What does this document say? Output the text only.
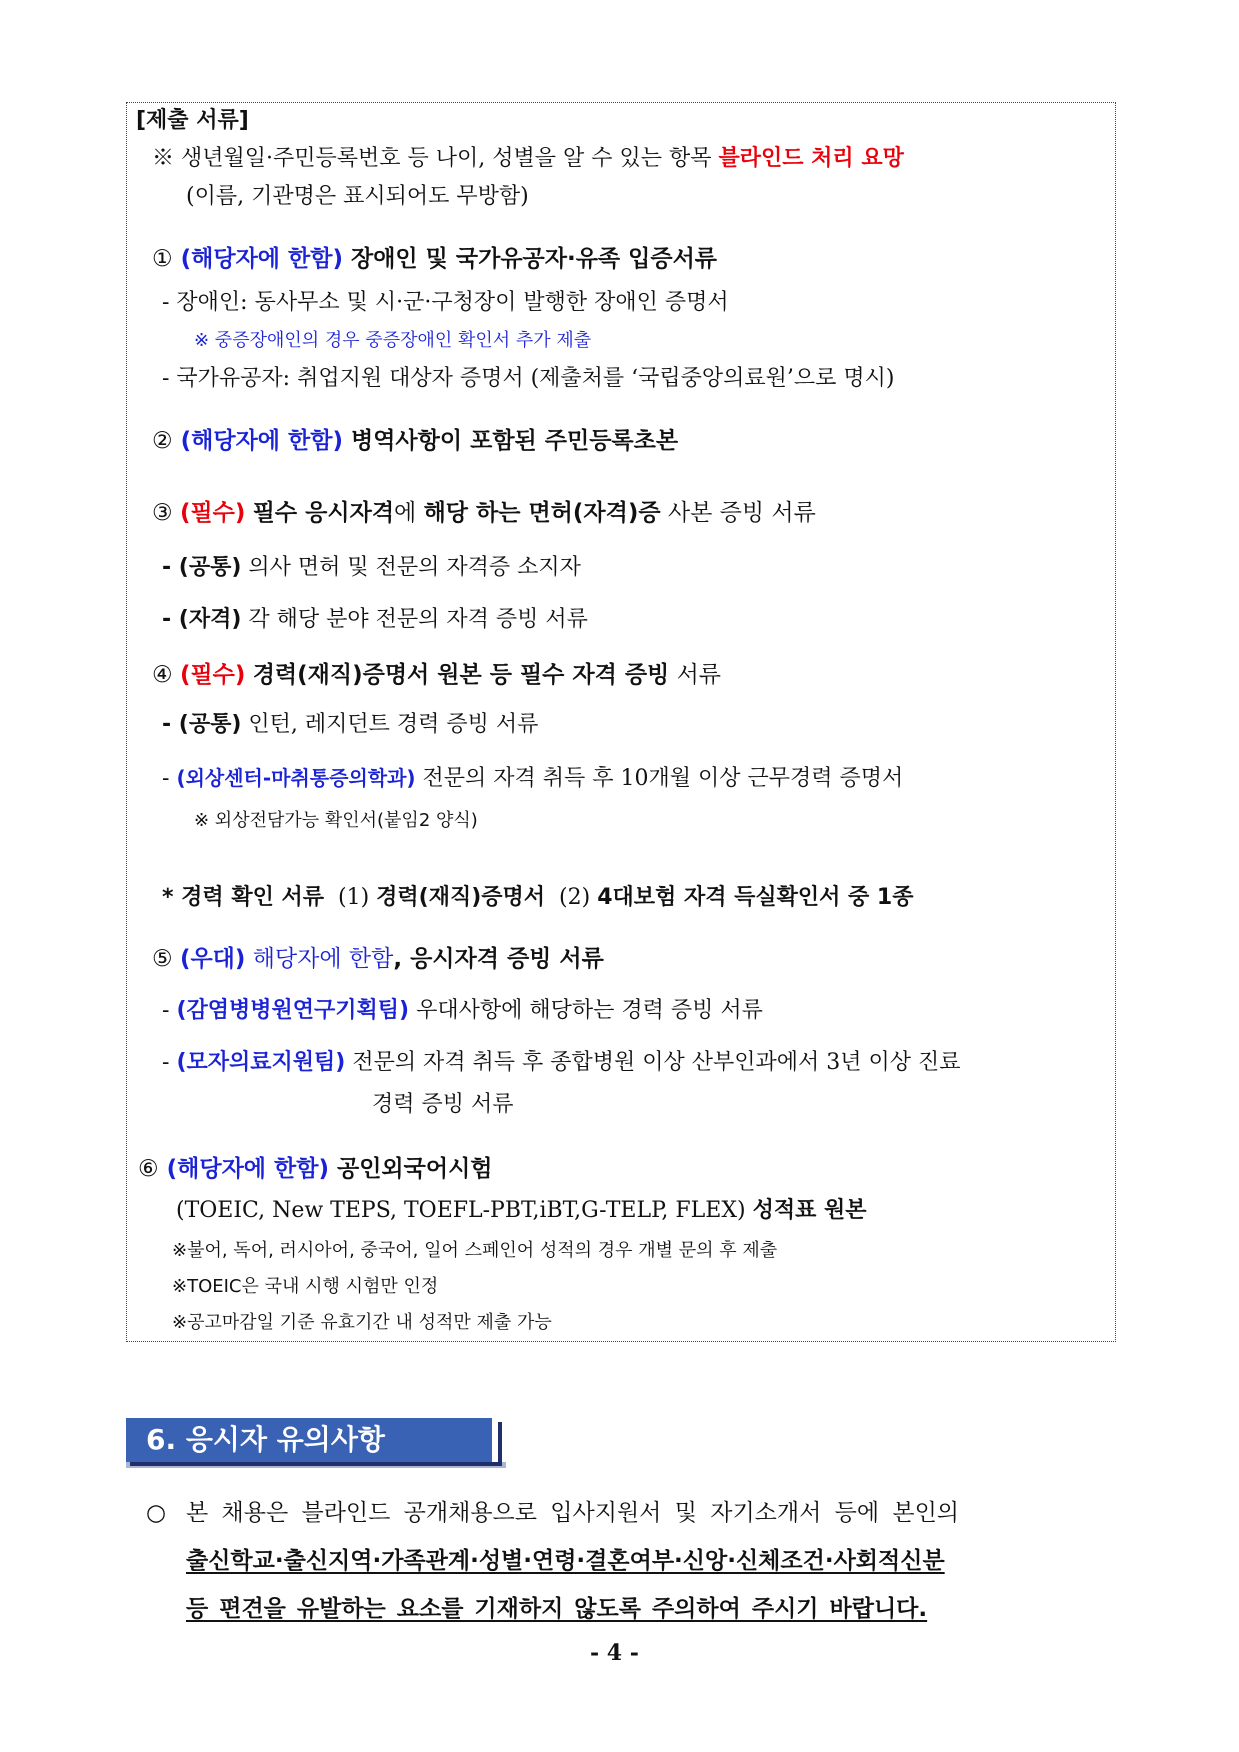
[제출 서류]
※ 생년월일·주민등록번호 등 나이, 성별을 알 수 있는 항목 블라인드 처리 요망
(이름, 기관명은 표시되어도 무방함)
① (해당자에 한함) 장애인 및 국가유공자·유족 입증서류
- 장애인: 동사무소 및 시·군·구청장이 발행한 장애인 증명서
※ 중증장애인의 경우 중증장애인 확인서 추가 제출
- 국가유공자: 취업지원 대상자 증명서 (제출처를 ‘국립중앙의료원’으로 명시)
② (해당자에 한함) 병역사항이 포함된 주민등록초본
③ (필수) 필수 응시자격에 해당 하는 면허(자격)증 사본 증빙 서류
- (공통) 의사 면허 및 전문의 자격증 소지자
- (자격) 각 해당 분야 전문의 자격 증빙 서류
④ (필수) 경력(재직)증명서 원본 등 필수 자격 증빙 서류
- (공통) 인턴, 레지던트 경력 증빙 서류
- (외상센터-마취통증의학과) 전문의 자격 취득 후 10개월 이상 근무경력 증명서
※ 외상전담가능 확인서(붙임2 양식)
* 경력 확인 서류 (1) 경력(재직)증명서 (2) 4대보험 자격 득실확인서 중 1종
⑤ (우대) 해당자에 한함, 응시자격 증빙 서류
- (감염병병원연구기획팀) 우대사항에 해당하는 경력 증빙 서류
- (모자의료지원팀) 전문의 자격 취득 후 종합병원 이상 산부인과에서 3년 이상 진료
경력 증빙 서류
⑥ (해당자에 한함) 공인외국어시험
(TOEIC, New TEPS, TOEFL-PBT,iBT,G-TELP, FLEX) 성적표 원본
※불어, 독어, 러시아어, 중국어, 일어 스페인어 성적의 경우 개별 문의 후 제출
※TOEIC은 국내 시행 시험만 인정
※공고마감일 기준 유효기간 내 성적만 제출 가능
6. 응시자 유의사항
○ 본 채용은 블라인드 공개채용으로 입사지원서 및 자기소개서 등에 본인의
출신학교·출신지역·가족관계·성별·연령·결혼여부·신앙·신체조건·사회적신분
등 편견을 유발하는 요소를 기재하지 않도록 주의하여 주시기 바랍니다.
- 4 -
